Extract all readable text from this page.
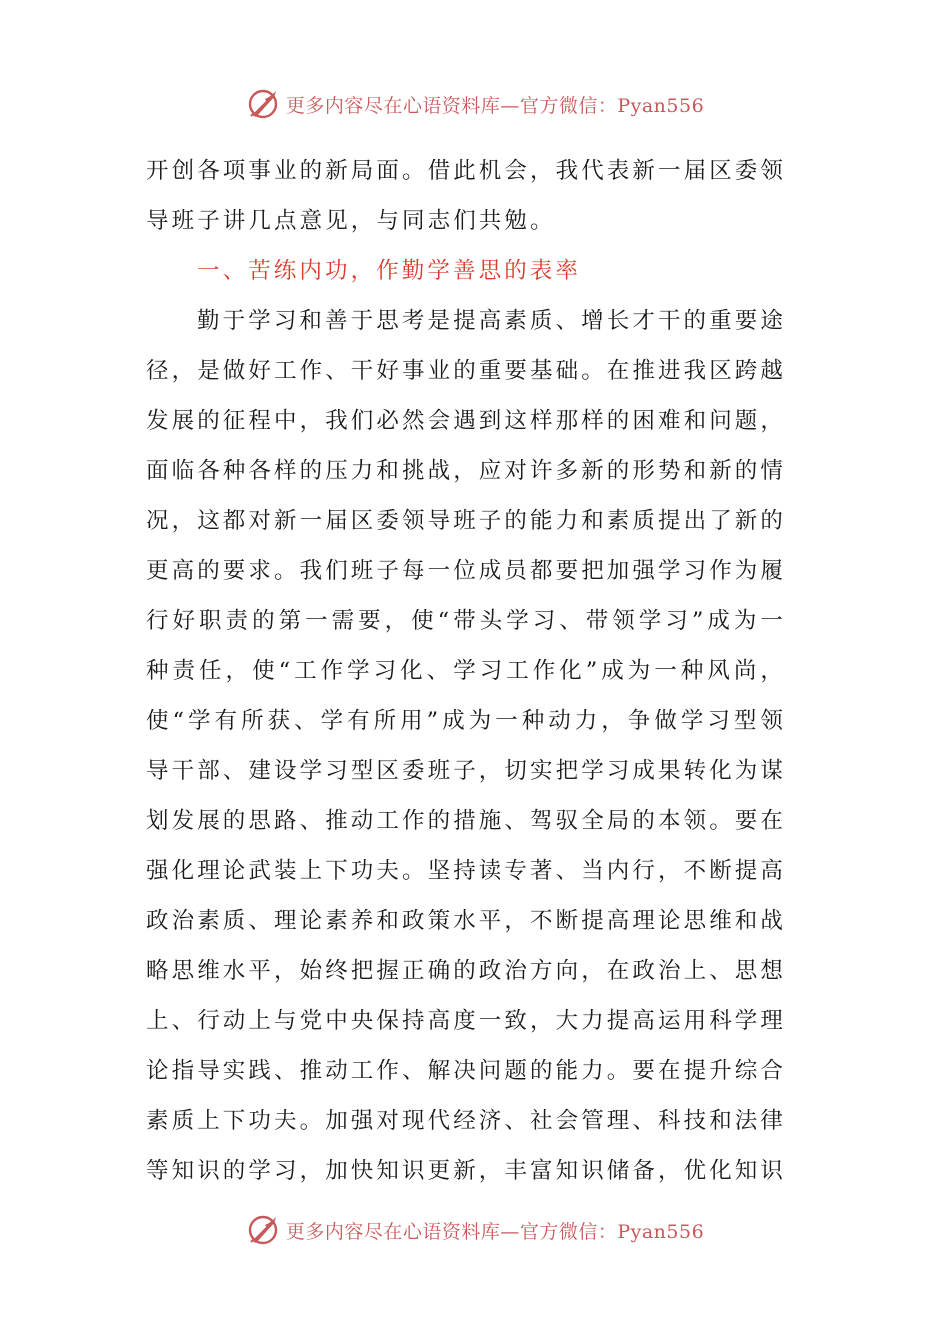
更多内容尽在心语资料库—官方微信：Pyan556

开创各项事业的新局面。借此机会，我代表新一届区委领导班子讲几点意见，与同志们共勉。

一、苦练内功，作勤学善思的表率

勤于学习和善于思考是提高素质、增长才干的重要途径，是做好工作、干好事业的重要基础。在推进我区跨越发展的征程中，我们必然会遇到这样那样的困难和问题，面临各种各样的压力和挑战，应对许多新的形势和新的情况，这都对新一届区委领导班子的能力和素质提出了新的更高的要求。我们班子每一位成员都要把加强学习作为履行好职责的第一需要，使“带头学习、带领学习”成为一种责任，使“工作学习化、学习工作化”成为一种风尚，使“学有所获、学有所用”成为一种动力，争做学习型领导干部、建设学习型区委班子，切实把学习成果转化为谋划发展的思路、推动工作的措施、驾驭全局的本领。要在强化理论武装上下功夫。坚持读专著、当内行，不断提高政治素质、理论素养和政策水平，不断提高理论思维和战略思维水平，始终把握正确的政治方向，在政治上、思想上、行动上与党中央保持高度一致，大力提高运用科学理论指导实践、推动工作、解决问题的能力。要在提升综合素质上下功夫。加强对现代经济、社会管理、科技和法律等知识的学习，加快知识更新，丰富知识储备，优化知识

更多内容尽在心语资料库—官方微信：Pyan556
